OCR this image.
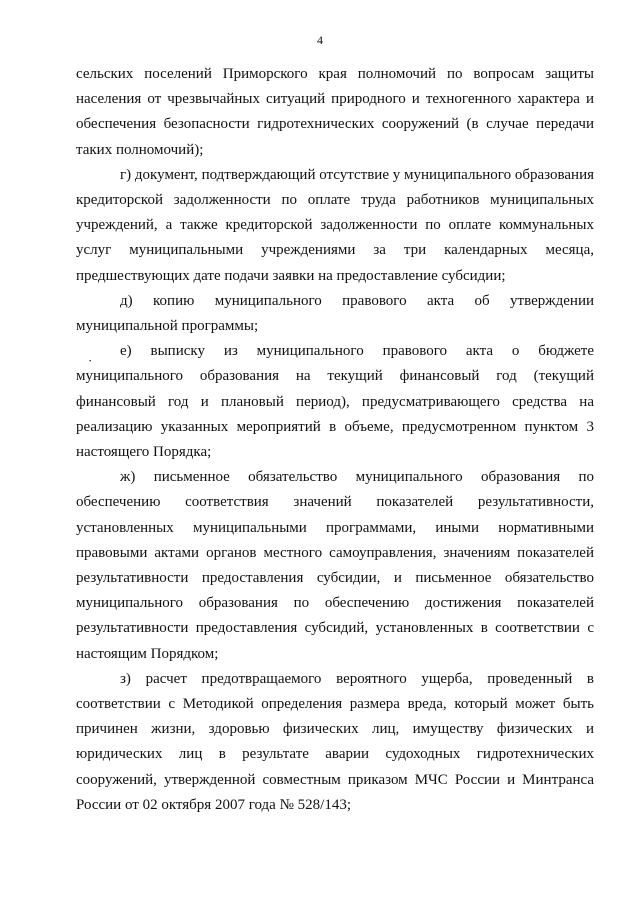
4
·
сельских поселений Приморского края полномочий по вопросам защиты
населения от чрезвычайных ситуаций природного и техногенного характера и
обеспечения безопасности гидротехнических сооружений (в случае передачи
таких полномочий);
г) документ, подтверждающий отсутствие у муниципального образования
кредиторской задолженности по оплате труда работников муниципальных
учреждений, а также кредиторской задолженности по оплате коммунальных
услуг муниципальными учреждениями за три календарных месяца,
предшествующих дате подачи заявки на предоставление субсидии;
д) копию муниципального правового акта об утверждении
муниципальной программы;
е) выписку из муниципального правового акта о бюджете
муниципального образования на текущий финансовый год (текущий
финансовый год и плановый период), предусматривающего средства на
реализацию указанных мероприятий в объеме, предусмотренном пунктом 3
настоящего Порядка;
ж) письменное обязательство муниципального образования по
обеспечению соответствия значений показателей результативности,
установленных муниципальными программами, иными нормативными
правовыми актами органов местного самоуправления, значениям показателей
результативности предоставления субсидии, и письменное обязательство
муниципального образования по обеспечению достижения показателей
результативности предоставления субсидий, установленных в соответствии с
настоящим Порядком;
з) расчет предотвращаемого вероятного ущерба, проведенный в
соответствии с Методикой определения размера вреда, который может быть
причинен жизни, здоровью физических лиц, имуществу физических и
юридических лиц в результате аварии судоходных гидротехнических
сооружений, утвержденной совместным приказом МЧС России и Минтранса
России от 02 октября 2007 года № 528/143;
